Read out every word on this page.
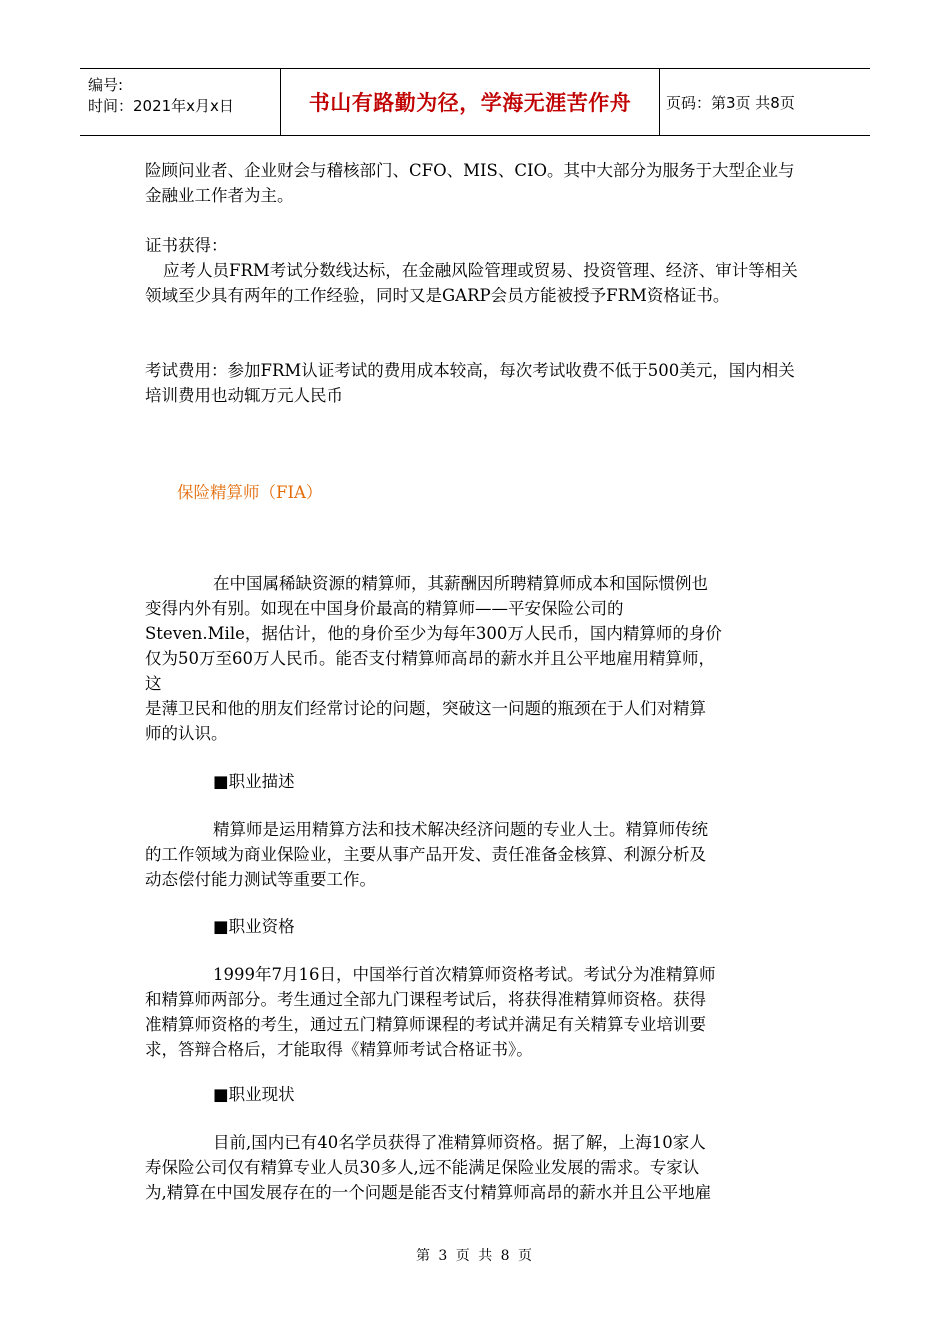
编号:
时间：2021年x月x日	书山有路勤为径，学海无涯苦作舟	页码：第3页 共8页
险顾问业者、企业财会与稽核部门、CFO、MIS、CIO。其中大部分为服务于大型企业与金融业工作者为主。
证书获得：
应考人员FRM考试分数线达标，在金融风险管理或贸易、投资管理、经济、审计等相关领域至少具有两年的工作经验，同时又是GARP会员方能被授予FRM资格证书。
考试费用：参加FRM认证考试的费用成本较高，每次考试收费不低于500美元，国内相关培训费用也动辄万元人民币
保险精算师（FIA）
在中国属稀缺资源的精算师，其薪酬因所聘精算师成本和国际惯例也
变得内外有别。如现在中国身价最高的精算师——平安保险公司的
Steven.Mile，据估计，他的身价至少为每年300万人民币，国内精算师的身价
仅为50万至60万人民币。能否支付精算师高昂的薪水并且公平地雇用精算师，
这
是薄卫民和他的朋友们经常讨论的问题，突破这一问题的瓶颈在于人们对精算
师的认识。
■职业描述
精算师是运用精算方法和技术解决经济问题的专业人士。精算师传统
的工作领域为商业保险业，主要从事产品开发、责任准备金核算、利源分析及
动态偿付能力测试等重要工作。
■职业资格
1999年7月16日，中国举行首次精算师资格考试。考试分为准精算师
和精算师两部分。考生通过全部九门课程考试后，将获得准精算师资格。获得
准精算师资格的考生，通过五门精算师课程的考试并满足有关精算专业培训要
求，答辩合格后，才能取得《精算师考试合格证书》。
■职业现状
目前,国内已有40名学员获得了准精算师资格。据了解，上海10家人
寿保险公司仅有精算专业人员30多人,远不能满足保险业发展的需求。专家认
为,精算在中国发展存在的一个问题是能否支付精算师高昂的薪水并且公平地雇
第 3 页 共 8 页
